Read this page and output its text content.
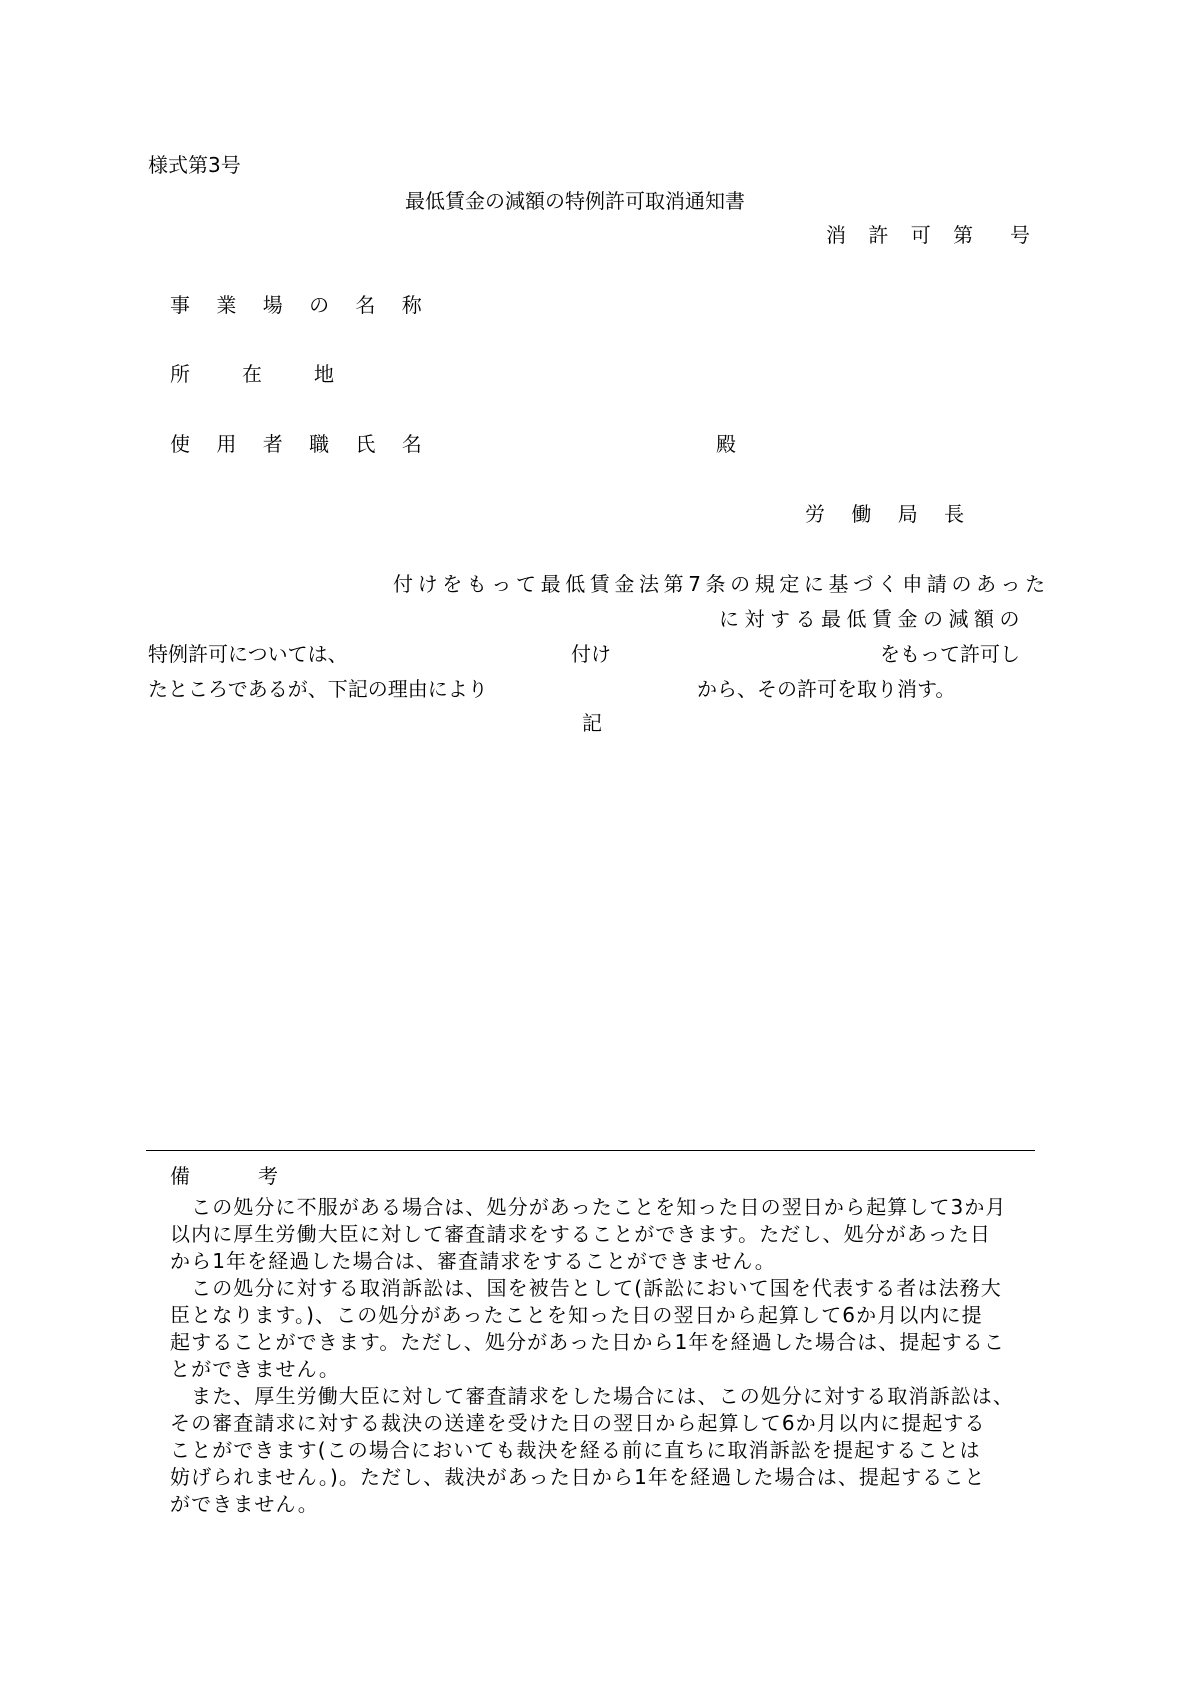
様式第3号
最低賃金の減額の特例許可取消通知書
消 許 可 第 号
事 業 場 の 名 称
所　　在　　地
使 用 者 職 氏 名	殿
労 働 局 長
付けをもって最低賃金法第7条の規定に基づく申請のあった
に対する最低賃金の減額の
特例許可については、	付け	をもって許可し
たところであるが、下記の理由により	から、その許可を取り消す。
記
備　　　考
　この処分に不服がある場合は、処分があったことを知った日の翌日から起算して3か月
以内に厚生労働大臣に対して審査請求をすることができます。ただし、処分があった日
から1年を経過した場合は、審査請求をすることができません。
　この処分に対する取消訴訟は、国を被告として(訴訟において国を代表する者は法務大
臣となります。)、この処分があったことを知った日の翌日から起算して6か月以内に提
起することができます。ただし、処分があった日から1年を経過した場合は、提起するこ
とができません。
　また、厚生労働大臣に対して審査請求をした場合には、この処分に対する取消訴訟は、
その審査請求に対する裁決の送達を受けた日の翌日から起算して6か月以内に提起する
ことができます(この場合においても裁決を経る前に直ちに取消訴訟を提起することは
妨げられません。)。ただし、裁決があった日から1年を経過した場合は、提起すること
ができません。
